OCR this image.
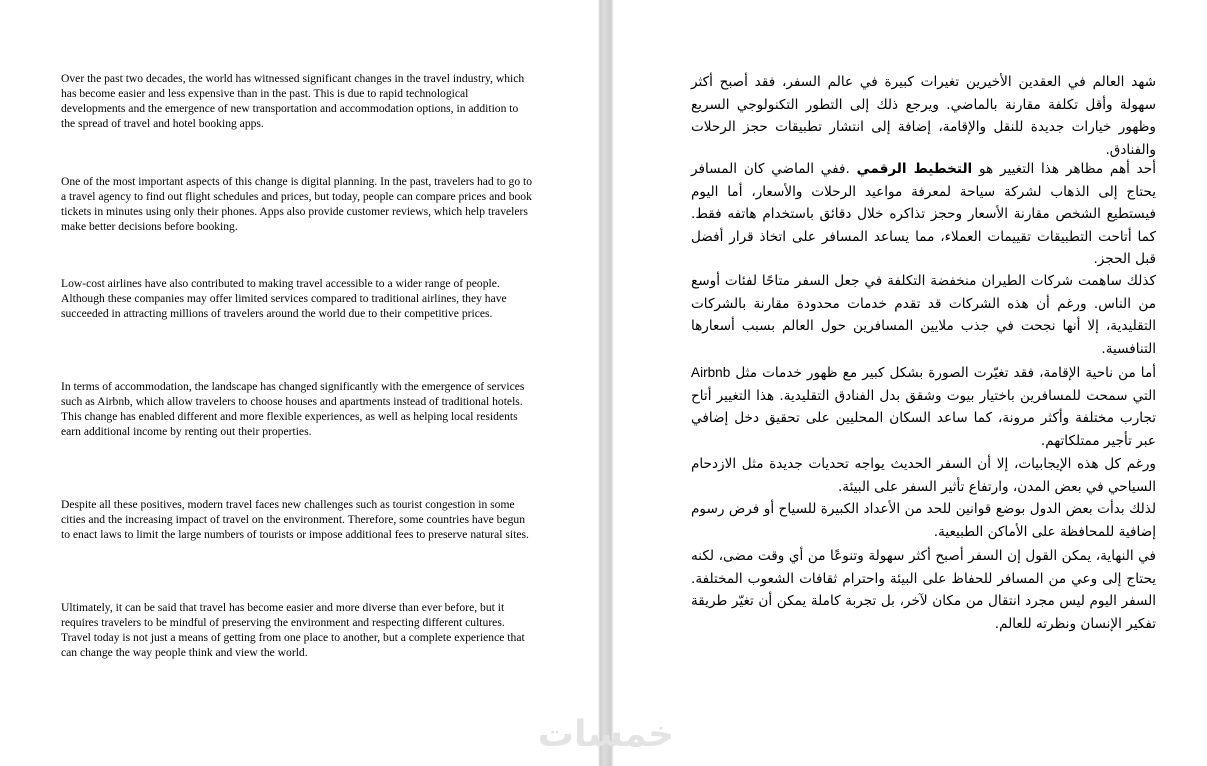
Over the past two decades, the world has witnessed significant changes in the travel industry, which has become easier and less expensive than in the past. This is due to rapid technological developments and the emergence of new transportation and accommodation options, in addition to the spread of travel and hotel booking apps.

One of the most important aspects of this change is digital planning. In the past, travelers had to go to a travel agency to find out flight schedules and prices, but today, people can compare prices and book tickets in minutes using only their phones. Apps also provide customer reviews, which help travelers make better decisions before booking.

Low-cost airlines have also contributed to making travel accessible to a wider range of people. Although these companies may offer limited services compared to traditional airlines, they have succeeded in attracting millions of travelers around the world due to their competitive prices.

In terms of accommodation, the landscape has changed significantly with the emergence of services such as Airbnb, which allow travelers to choose houses and apartments instead of traditional hotels. This change has enabled different and more flexible experiences, as well as helping local residents earn additional income by renting out their properties.

Despite all these positives, modern travel faces new challenges such as tourist congestion in some cities and the increasing impact of travel on the environment. Therefore, some countries have begun to enact laws to limit the large numbers of tourists or impose additional fees to preserve natural sites.

Ultimately, it can be said that travel has become easier and more diverse than ever before, but it requires travelers to be mindful of preserving the environment and respecting different cultures. Travel today is not just a means of getting from one place to another, but a complete experience that can change the way people think and view the world.

شهد العالم في العقدين الأخيرين تغيرات كبيرة في عالم السفر، فقد أصبح أكثر سهولة وأقل تكلفة مقارنة بالماضي. ويرجع ذلك إلى التطور التكنولوجي السريع وظهور خيارات جديدة للنقل والإقامة، إضافة إلى انتشار تطبيقات حجز الرحلات والفنادق.

أحد أهم مظاهر هذا التغيير هو التخطيط الرقمي .ففي الماضي كان المسافر يحتاج إلى الذهاب لشركة سياحة لمعرفة مواعيد الرحلات والأسعار، أما اليوم فيستطيع الشخص مقارنة الأسعار وحجز تذاكره خلال دقائق باستخدام هاتفه فقط. كما أتاحت التطبيقات تقييمات العملاء، مما يساعد المسافر على اتخاذ قرار أفضل قبل الحجز.

كذلك ساهمت شركات الطيران منخفضة التكلفة في جعل السفر متاحًا لفئات أوسع من الناس. ورغم أن هذه الشركات قد تقدم خدمات محدودة مقارنة بالشركات التقليدية، إلا أنها نجحت في جذب ملايين المسافرين حول العالم بسبب أسعارها التنافسية.

أما من ناحية الإقامة، فقد تغيّرت الصورة بشكل كبير مع ظهور خدمات مثل Airbnb التي سمحت للمسافرين باختيار بيوت وشقق بدل الفنادق التقليدية. هذا التغيير أتاح تجارب مختلفة وأكثر مرونة، كما ساعد السكان المحليين على تحقيق دخل إضافي عبر تأجير ممتلكاتهم.

ورغم كل هذه الإيجابيات، إلا أن السفر الحديث يواجه تحديات جديدة مثل الازدحام السياحي في بعض المدن، وارتفاع تأثير السفر على البيئة.
لذلك بدأت بعض الدول بوضع قوانين للحد من الأعداد الكبيرة للسياح أو فرض رسوم إضافية للمحافظة على الأماكن الطبيعية.

في النهاية، يمكن القول إن السفر أصبح أكثر سهولة وتنوعًا من أي وقت مضى، لكنه يحتاج إلى وعي من المسافر للحفاظ على البيئة واحترام ثقافات الشعوب المختلفة. السفر اليوم ليس مجرد انتقال من مكان لآخر، بل تجربة كاملة يمكن أن تغيّر طريقة تفكير الإنسان ونظرته للعالم.

خمسات
